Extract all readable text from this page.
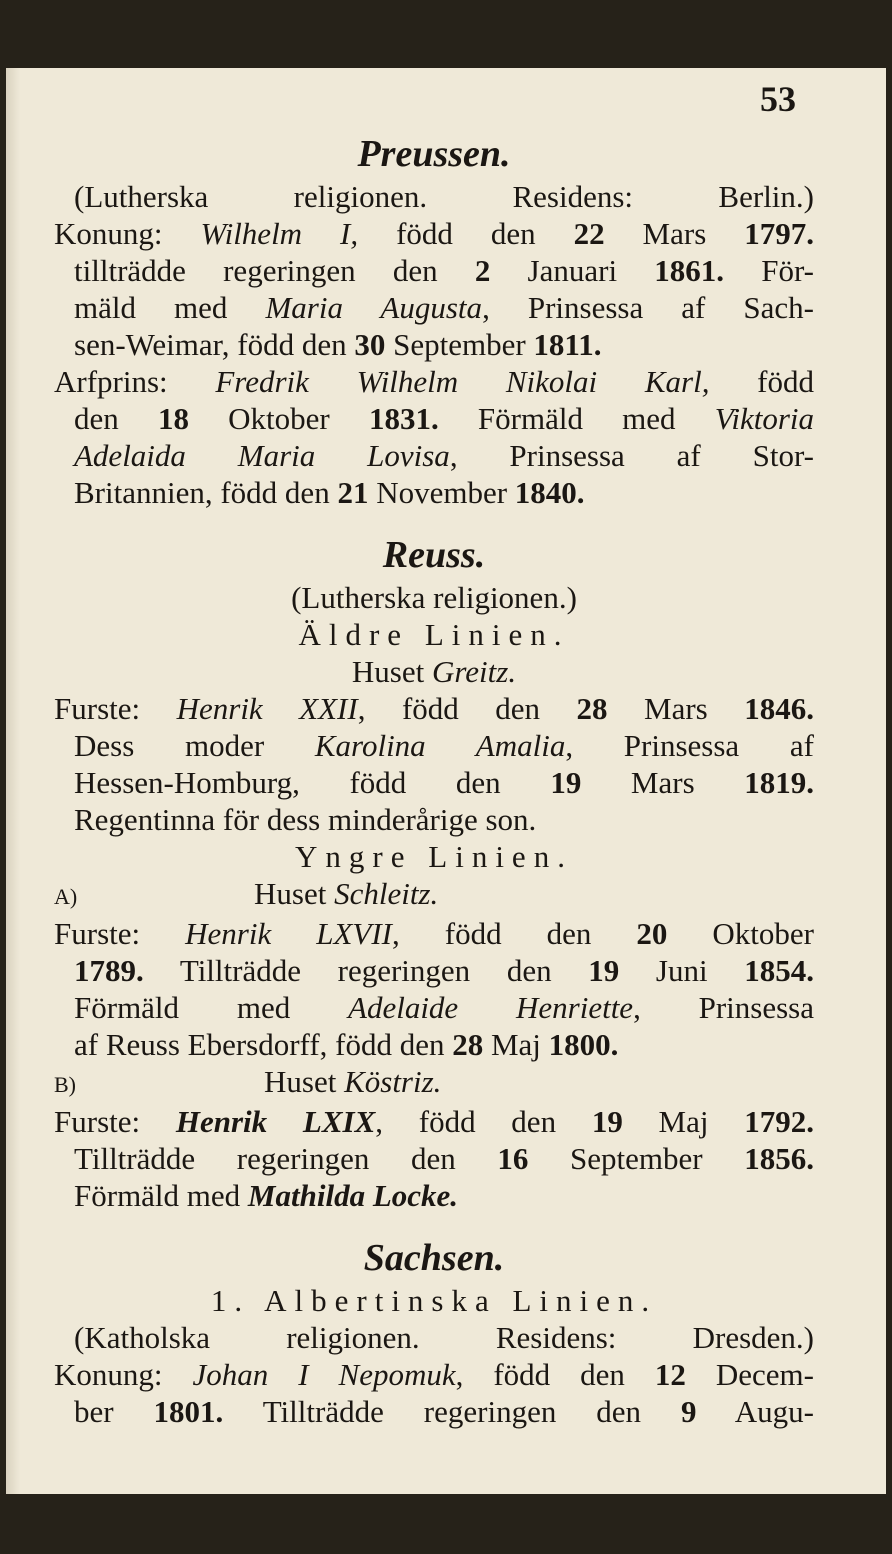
53
Preussen.
(Lutherska religionen. Residens: Berlin.)
Konung: Wilhelm I, född den 22 Mars 1797.
tillträdde regeringen den 2 Januari 1861. För-
mäld med Maria Augusta, Prinsessa af Sach-
sen-Weimar, född den 30 September 1811.
Arfprins: Fredrik Wilhelm Nikolai Karl, född
den 18 Oktober 1831. Förmäld med Viktoria
Adelaida Maria Lovisa, Prinsessa af Stor-
Britannien, född den 21 November 1840.
Reuss.
(Lutherska religionen.)
Äldre Linien.
Huset Greitz.
Furste: Henrik XXII, född den 28 Mars 1846.
Dess moder Karolina Amalia, Prinsessa af
Hessen-Homburg, född den 19 Mars 1819.
Regentinna för dess minderårige son.
Yngre Linien.
A)	Huset Schleitz.
Furste: Henrik LXVII, född den 20 Oktober
1789. Tillträdde regeringen den 19 Juni 1854.
Förmäld med Adelaide Henriette, Prinsessa
af Reuss Ebersdorff, född den 28 Maj 1800.
B)	Huset Köstriz.
Furste: Henrik LXIX, född den 19 Maj 1792.
Tillträdde regeringen den 16 September 1856.
Förmäld med Mathilda Locke.
Sachsen.
1. Albertinska Linien.
(Katholska religionen. Residens: Dresden.)
Konung: Johan I Nepomuk, född den 12 Decem-
ber 1801. Tillträdde regeringen den 9 Augu-
